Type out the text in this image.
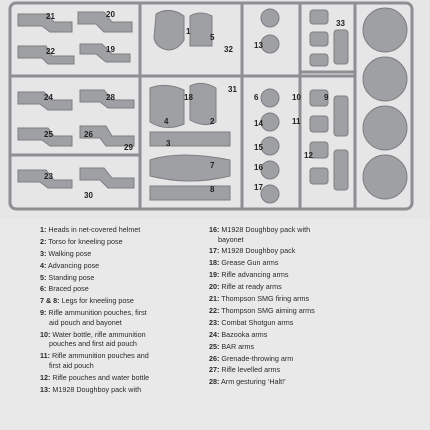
21	20
22	19
1
18
24
25	26
29
23
30
28
7
17
8
16
15
14
2
3
4
5
6	9
10
11
12
13
31
32
33
1: Heads in net-covered helmet
2: Torso for kneeling pose
3: Walking pose
4: Advancing pose
5: Standing pose
6: Braced pose
7 & 8: Legs for kneeling pose
9: Rifle ammunition pouches, first
aid pouch and bayonet
10: Water bottle, rifle ammunition
pouches and first aid pouch
11: Rifle ammunition pouches and
first aid pouch
12: Rifle pouches and water bottle
13: M1928 Doughboy pack with
16: M1928 Doughboy pack with
bayonet
17: M1928 Doughboy pack
18: Grease Gun arms
19: Rifle advancing arms
20: Rifle at ready arms
21: Thompson SMG firing arms
22: Thompson SMG aiming arms
23: Combat Shotgun arms
24: Bazooka arms
25: BAR arms
26: Grenade-throwing arm
27: Rifle levelled arms
28: Arm gesturing ‘Halt!’
